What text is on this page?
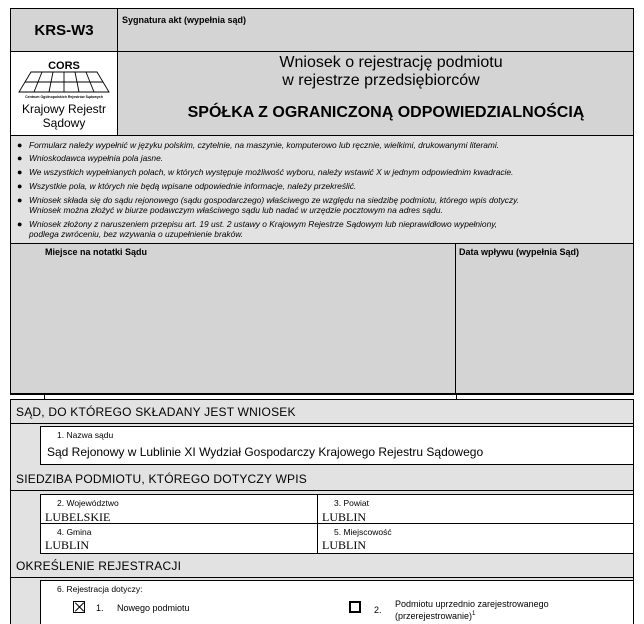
KRS-W3
Sygnatura akt (wypełnia sąd)
CORS
Centrum Ogólnopolskich Rejestrów Sądowych
Krajowy Rejestr
Sądowy
Wniosek o rejestrację podmiotu
w rejestrze przedsiębiorców
SPÓŁKA Z OGRANICZONĄ ODPOWIEDZIALNOŚCIĄ
● Formularz należy wypełnić w języku polskim, czytelnie, na maszynie, komputerowo lub ręcznie, wielkimi, drukowanymi literami.
● Wnioskodawca wypełnia pola jasne.
● We wszystkich wypełnianych polach, w których występuje możliwość wyboru, należy wstawić X w jednym odpowiednim kwadracie.
● Wszystkie pola, w których nie będą wpisane odpowiednie informacje, należy przekreślić.
● Wniosek składa się do sądu rejonowego (sądu gospodarczego) właściwego ze względu na siedzibę podmiotu, którego wpis dotyczy.
Wniosek można złożyć w biurze podawczym właściwego sądu lub nadać w urzędzie pocztowym na adres sądu.
● Wniosek złożony z naruszeniem przepisu art. 19 ust. 2 ustawy o Krajowym Rejestrze Sądowym lub nieprawidłowo wypełniony,
podlega zwróceniu, bez wzywania o uzupełnienie braków.
Miejsce na notatki Sądu	Data wpływu (wypełnia Sąd)
SĄD, DO KTÓREGO SKŁADANY JEST WNIOSEK
1. Nazwa sądu
Sąd Rejonowy w Lublinie XI Wydział Gospodarczy Krajowego Rejestru Sądowego
SIEDZIBA PODMIOTU, KTÓREGO DOTYCZY WPIS
2. Województwo
LUBELSKIE
3. Powiat
LUBLIN
4. Gmina
LUBLIN
5. Miejscowość
LUBLIN
OKREŚLENIE REJESTRACJI
6. Rejestracja dotyczy:
1. Nowego podmiotu	2.
Podmiotu uprzednio zarejestrowanego
(przerejestrowanie)$^1$
